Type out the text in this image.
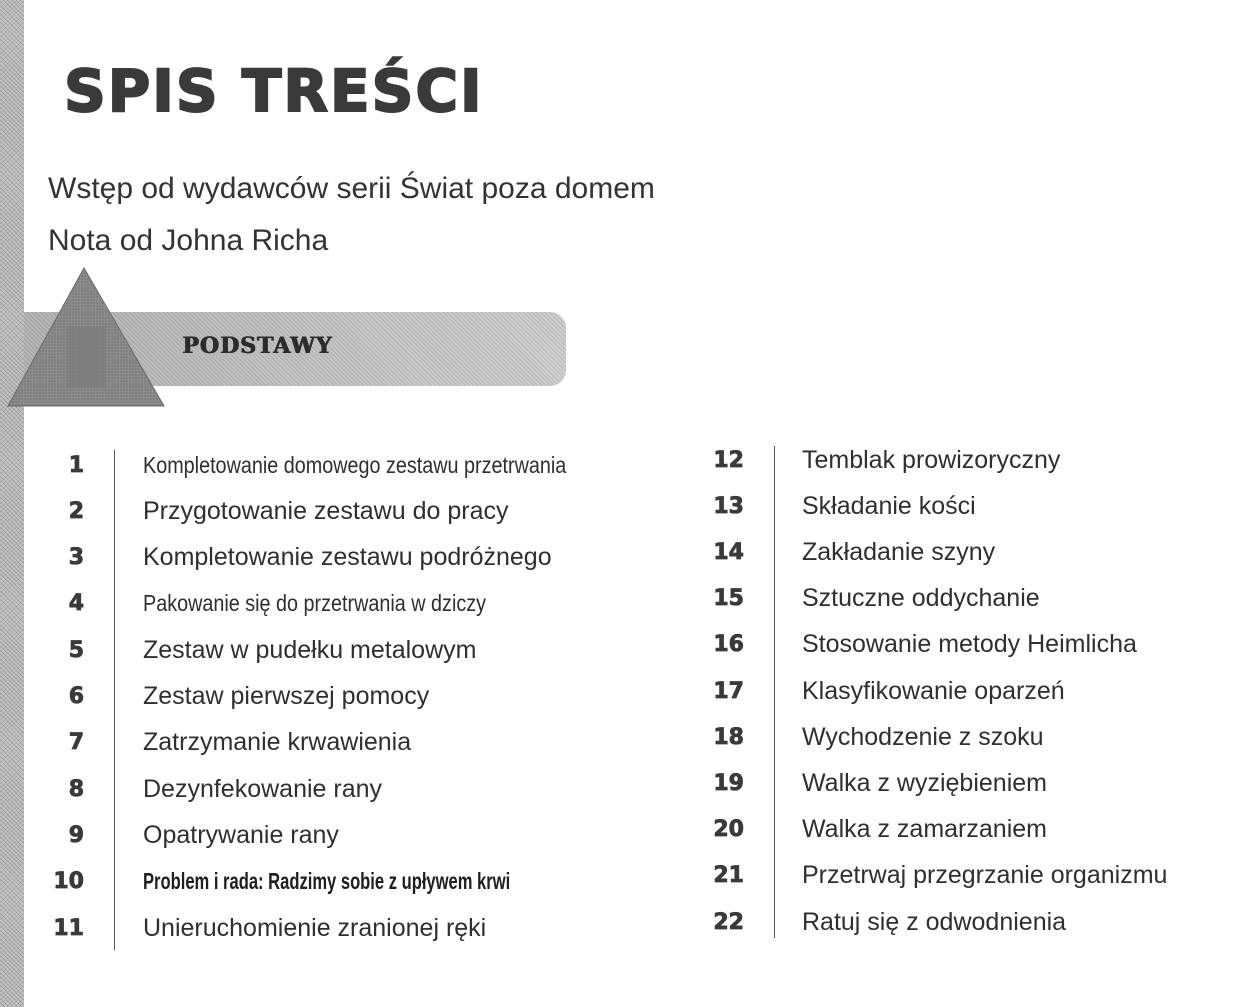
SPIS TREŚCI
Wstęp od wydawców serii Świat poza domem
Nota od Johna Richa
PODSTAWY
1	Kompletowanie domowego zestawu przetrwania
2 Przygotowanie zestawu do pracy
3 Kompletowanie zestawu podróżnego
4	Pakowanie się do przetrwania w dziczy
5 Zestaw w pudełku metalowym
6 Zestaw pierwszej pomocy
7 Zatrzymanie krwawienia
8 Dezynfekowanie rany
9 Opatrywanie rany
10	Problem i rada: Radzimy sobie z upływem krwi
11 Unieruchomienie zranionej ręki
12 Temblak prowizoryczny
13 Składanie kości
14 Zakładanie szyny
15 Sztuczne oddychanie
16 Stosowanie metody Heimlicha
17 Klasyfikowanie oparzeń
18 Wychodzenie z szoku
19 Walka z wyziębieniem
20 Walka z zamarzaniem
21 Przetrwaj przegrzanie organizmu
22 Ratuj się z odwodnienia
